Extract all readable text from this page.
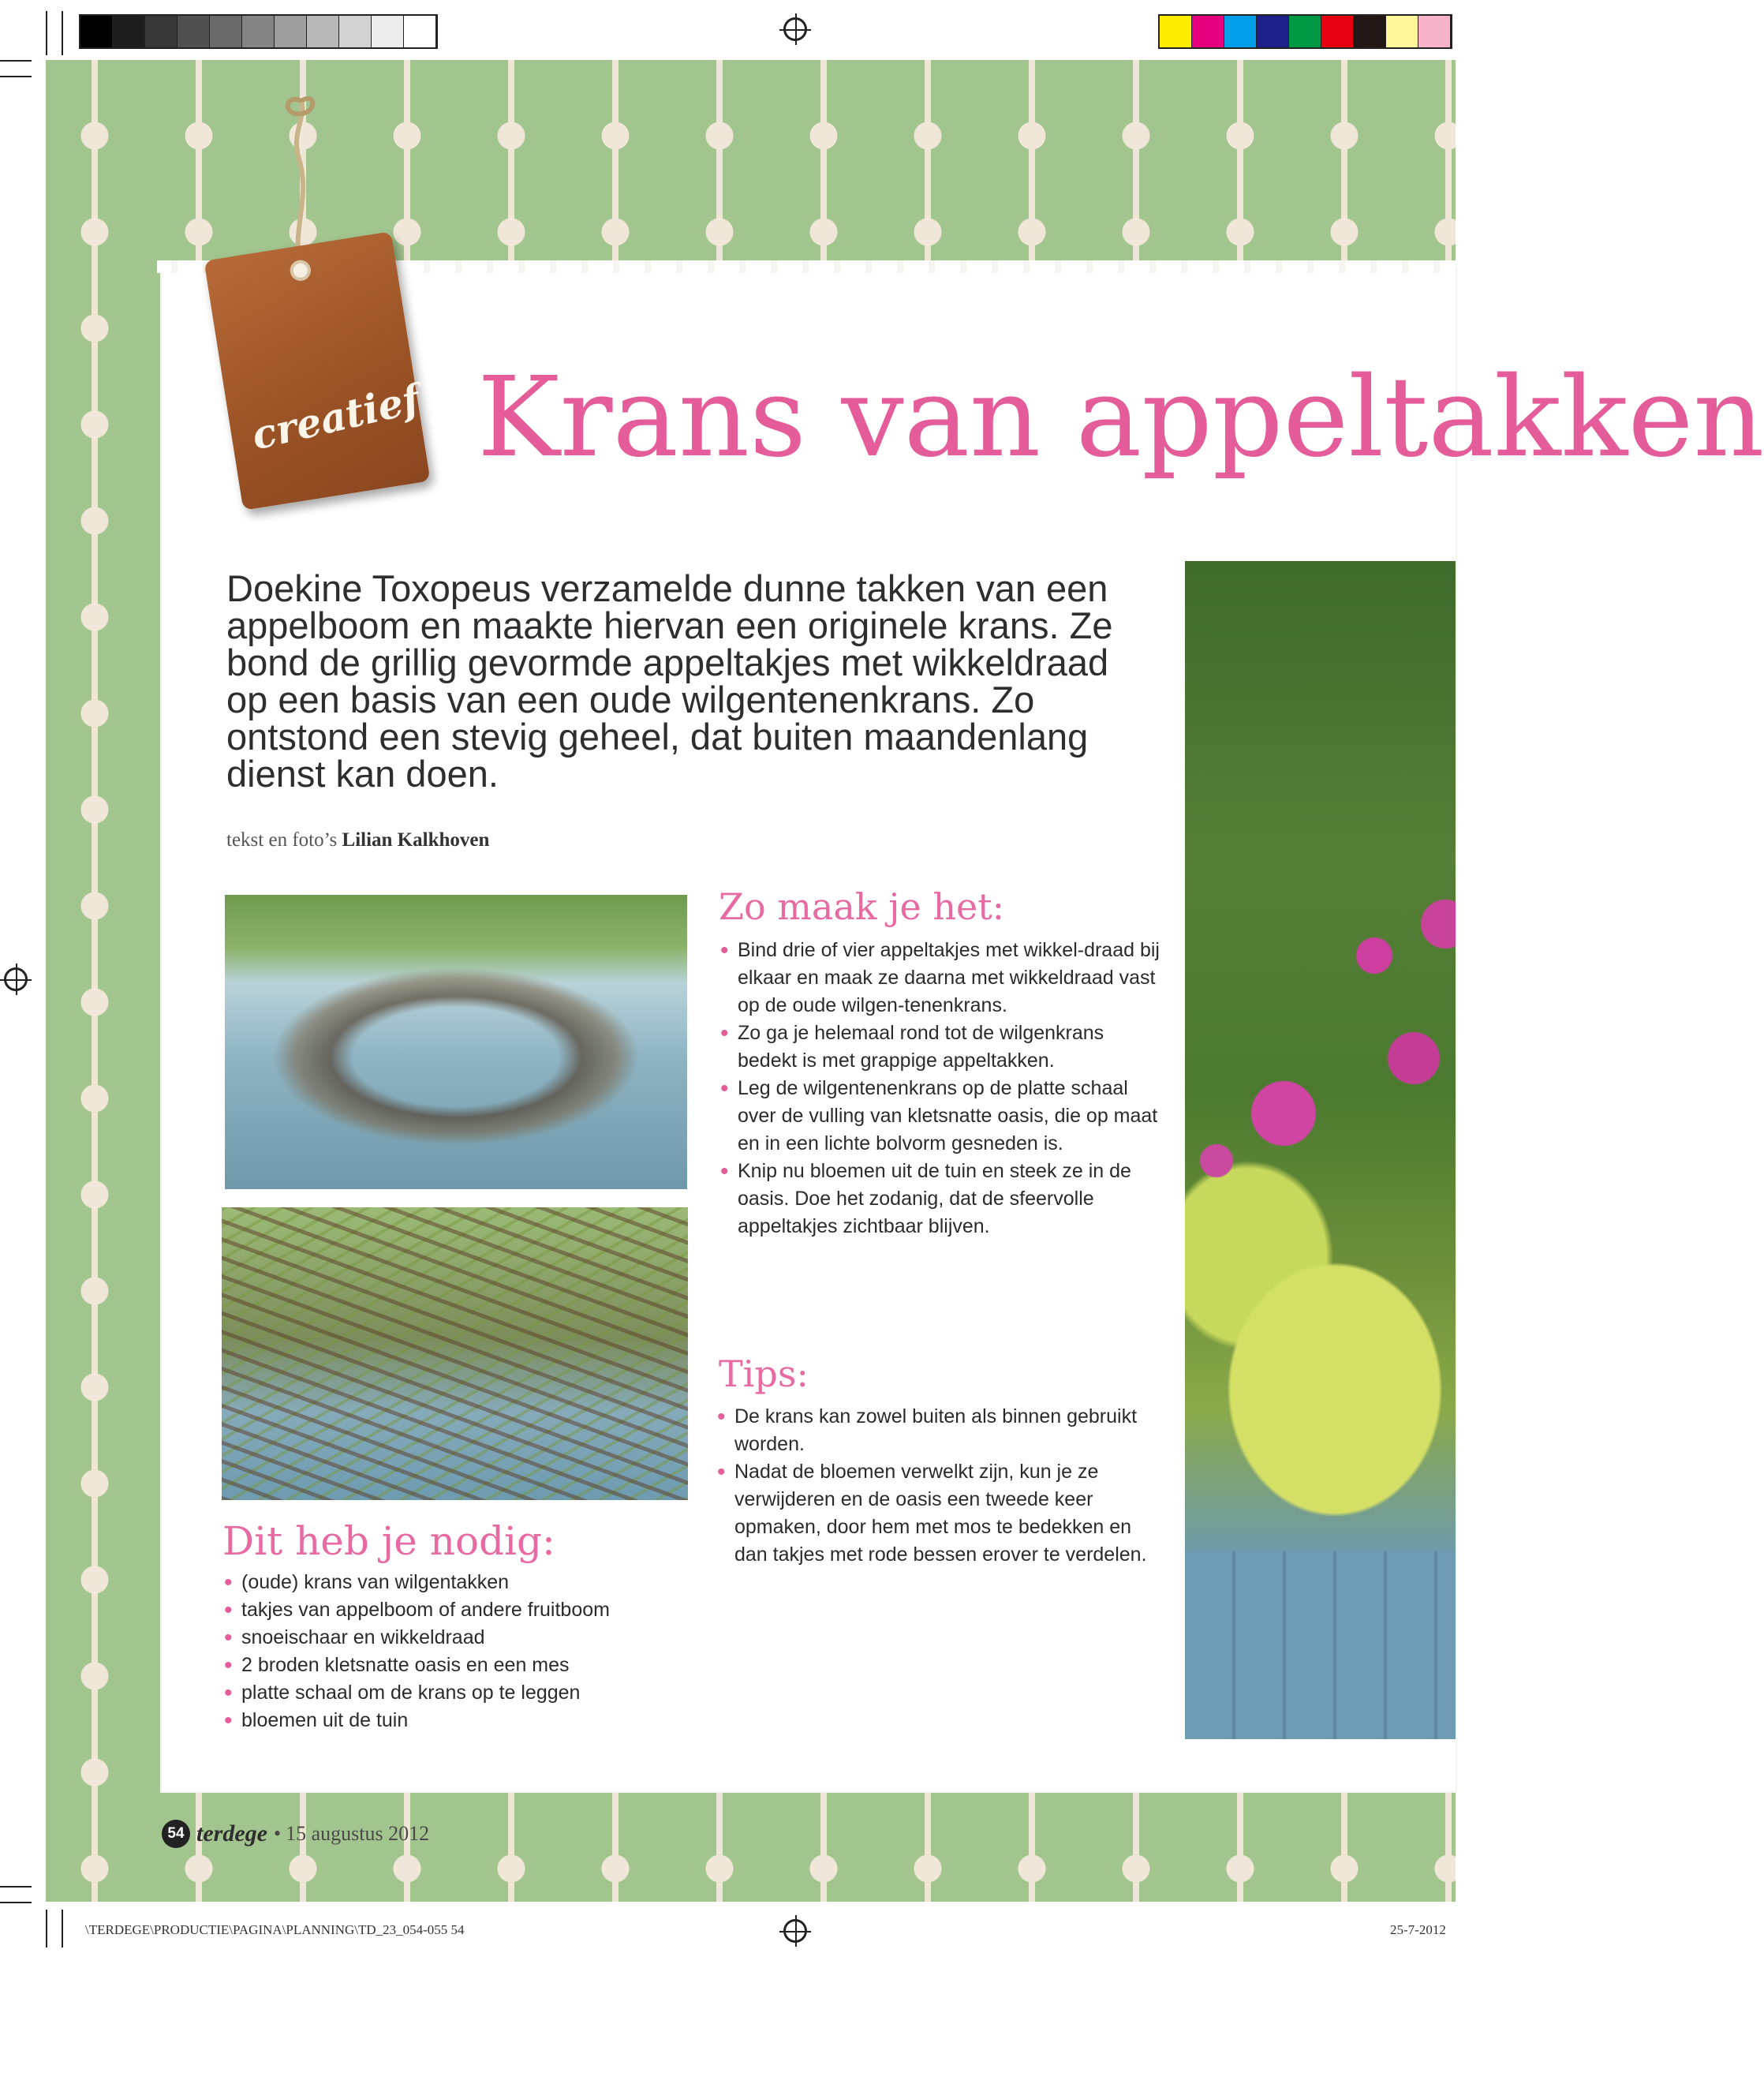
creatief Krans van appeltakken
Doekine Toxopeus verzamelde dunne takken van een appelboom en maakte hiervan een originele krans. Ze bond de grillig gevormde appeltakjes met wikkeldraad op een basis van een oude wilgentenenkrans. Zo ontstond een stevig geheel, dat buiten maandenlang dienst kan doen.
tekst en foto’s Lilian Kalkhoven
Zo maak je het:
• Bind drie of vier appeltakjes met wikkel-draad bij elkaar en maak ze daarna met wikkeldraad vast op de oude wilgen-tenenkrans.
• Zo ga je helemaal rond tot de wilgenkrans bedekt is met grappige appeltakken.
• Leg de wilgentenenkrans op de platte schaal over de vulling van kletsnatte oasis, die op maat en in een lichte bolvorm gesneden is.
• Knip nu bloemen uit de tuin en steek ze in de oasis. Doe het zodanig, dat de sfeervolle appeltakjes zichtbaar blijven.
Tips:
• De krans kan zowel buiten als binnen gebruikt worden.
• Nadat de bloemen verwelkt zijn, kun je ze verwijderen en de oasis een tweede keer opmaken, door hem met mos te bedekken en dan takjes met rode bessen erover te verdelen.
Dit heb je nodig:
• (oude) krans van wilgentakken
• takjes van appelboom of andere fruitboom
• snoeischaar en wikkeldraad
• 2 broden kletsnatte oasis en een mes
• platte schaal om de krans op te leggen
• bloemen uit de tuin
54 terdege • 15 augustus 2012
\TERDEGE\PRODUCTIE\PAGINA\PLANNING\TD_23_054-055 54	25-7-2012
